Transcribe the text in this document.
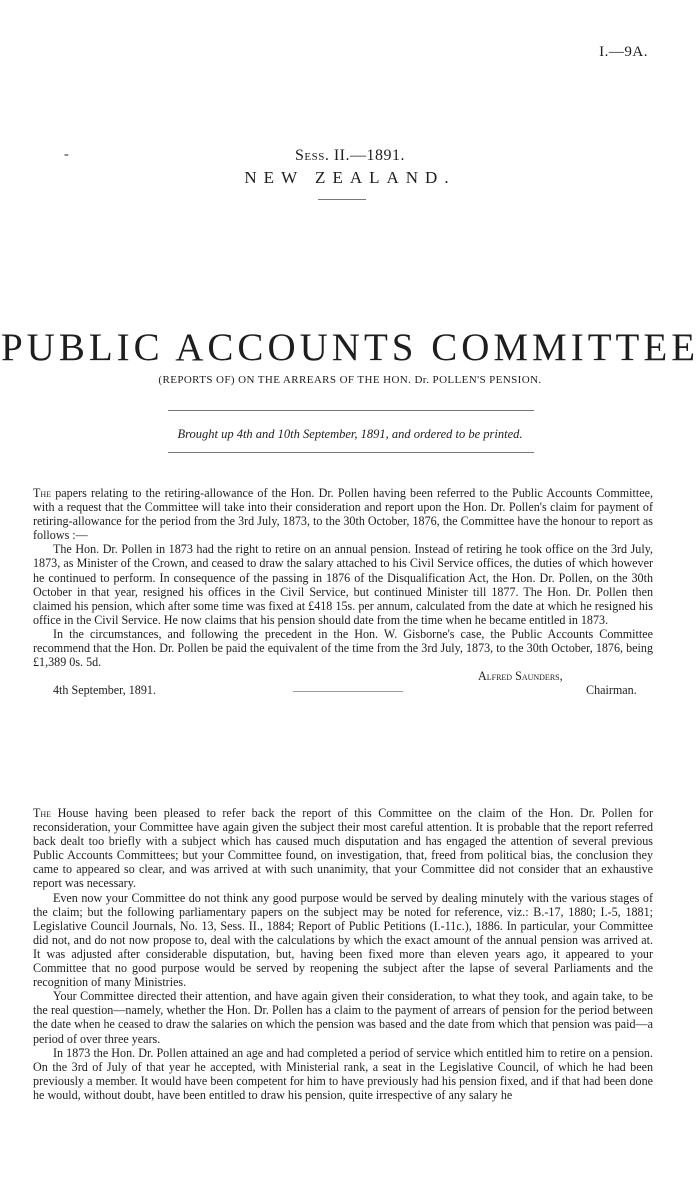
I.—9A.
-	Sess. II.—1891.
NEW ZEALAND.
PUBLIC ACCOUNTS COMMITTEE
(REPORTS OF) ON THE ARREARS OF THE HON. Dr. POLLEN'S PENSION.
Brought up 4th and 10th September, 1891, and ordered to be printed.

The papers relating to the retiring-allowance of the Hon. Dr. Pollen having been referred to the Public Accounts Committee, with a request that the Committee will take into their consideration and report upon the Hon. Dr. Pollen's claim for payment of retiring-allowance for the period from the 3rd July, 1873, to the 30th October, 1876, the Committee have the honour to report as follows :—

The Hon. Dr. Pollen in 1873 had the right to retire on an annual pension. Instead of retiring he took office on the 3rd July, 1873, as Minister of the Crown, and ceased to draw the salary attached to his Civil Service offices, the duties of which however he continued to perform. In consequence of the passing in 1876 of the Disqualification Act, the Hon. Dr. Pollen, on the 30th October in that year, resigned his offices in the Civil Service, but continued Minister till 1877. The Hon. Dr. Pollen then claimed his pension, which after some time was fixed at £418 15s. per annum, calculated from the date at which he resigned his office in the Civil Service. He now claims that his pension should date from the time when he became entitled in 1873.

In the circumstances, and following the precedent in the Hon. W. Gisborne's case, the Public Accounts Committee recommend that the Hon. Dr. Pollen be paid the equivalent of the time from the 3rd July, 1873, to the 30th October, 1876, being £1,389 0s. 5d.

Alfred Saunders,
4th September, 1891.	Chairman.

The House having been pleased to refer back the report of this Committee on the claim of the Hon. Dr. Pollen for reconsideration, your Committee have again given the subject their most careful attention. It is probable that the report referred back dealt too briefly with a subject which has caused much disputation and has engaged the attention of several previous Public Accounts Committees; but your Committee found, on investigation, that, freed from political bias, the conclusion they came to appeared so clear, and was arrived at with such unanimity, that your Committee did not consider that an exhaustive report was necessary.

Even now your Committee do not think any good purpose would be served by dealing minutely with the various stages of the claim; but the following parliamentary papers on the subject may be noted for reference, viz.: B.-17, 1880; I.-5, 1881; Legislative Council Journals, No. 13, Sess. II., 1884; Report of Public Petitions (I.-11c.), 1886. In particular, your Committee did not, and do not now propose to, deal with the calculations by which the exact amount of the annual pension was arrived at. It was adjusted after considerable disputation, but, having been fixed more than eleven years ago, it appeared to your Committee that no good purpose would be served by reopening the subject after the lapse of several Parliaments and the recognition of many Ministries.

Your Committee directed their attention, and have again given their consideration, to what they took, and again take, to be the real question—namely, whether the Hon. Dr. Pollen has a claim to the payment of arrears of pension for the period between the date when he ceased to draw the salaries on which the pension was based and the date from which that pension was paid—a period of over three years.

In 1873 the Hon. Dr. Pollen attained an age and had completed a period of service which entitled him to retire on a pension. On the 3rd of July of that year he accepted, with Ministerial rank, a seat in the Legislative Council, of which he had been previously a member. It would have been competent for him to have previously had his pension fixed, and if that had been done he would, without doubt, have been entitled to draw his pension, quite irrespective of any salary he
